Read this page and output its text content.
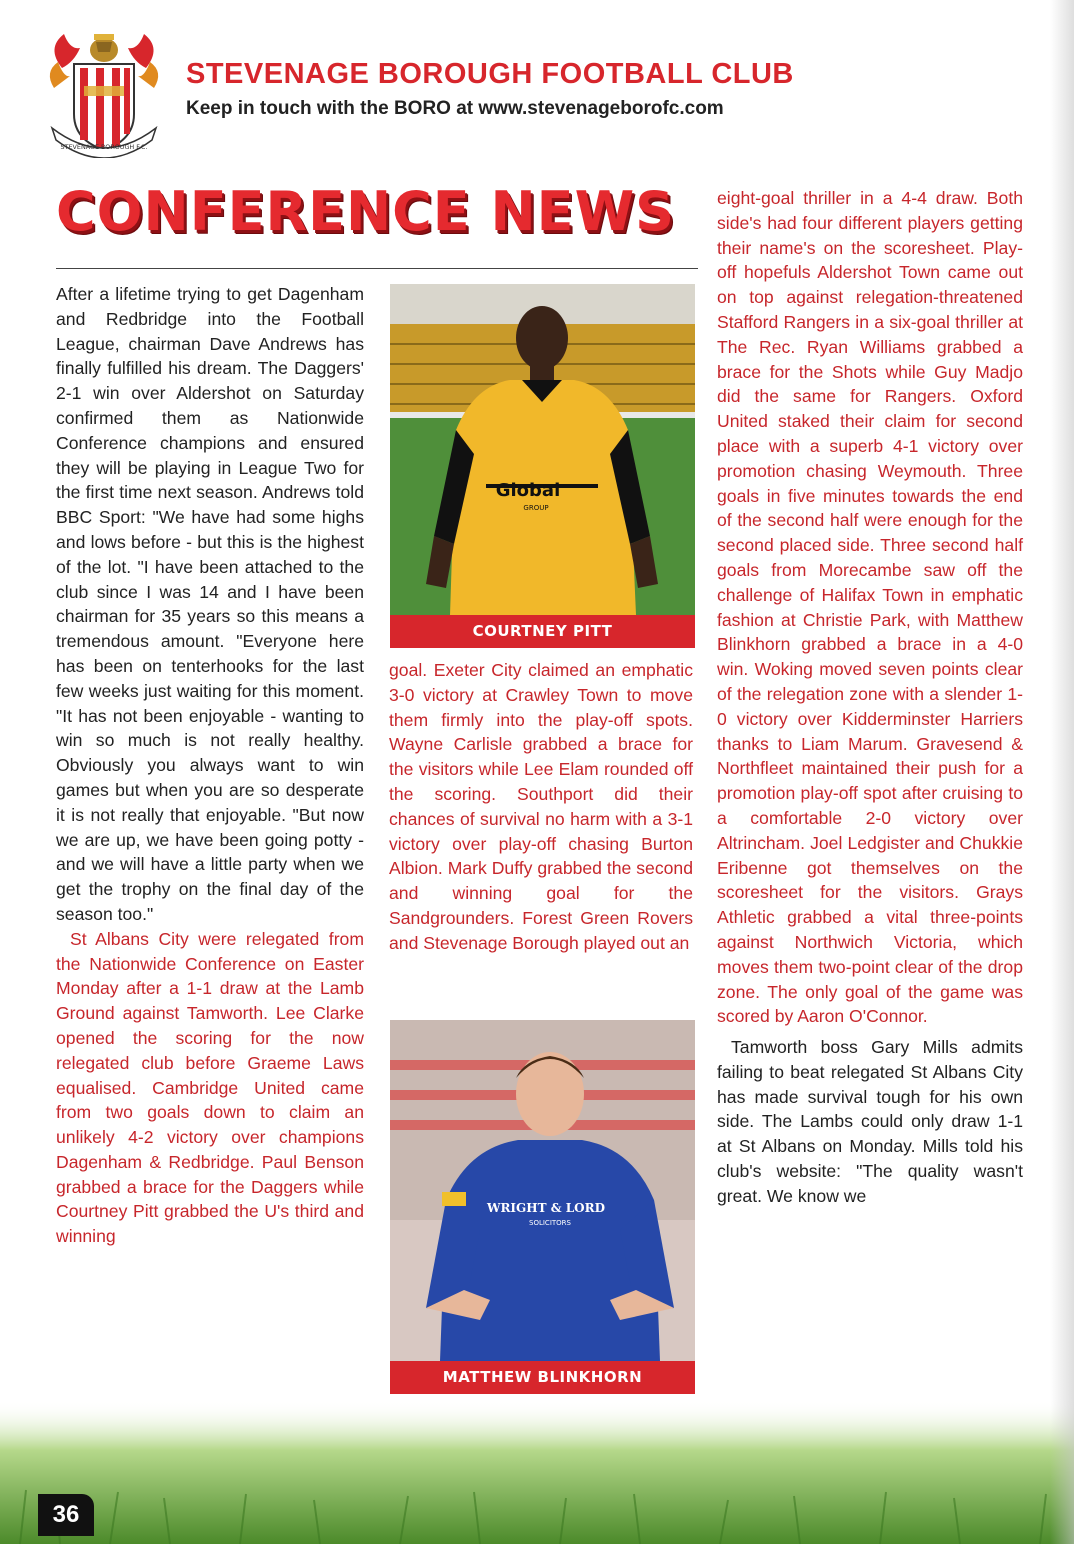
STEVENAGE BOROUGH F.C.
STEVENAGE BOROUGH FOOTBALL CLUB

Keep in touch with the BORO at www.stevenageborofc.com

CONFERENCE NEWS

After a lifetime trying to get Dagenham and Redbridge into the Football League, chairman Dave Andrews has finally fulfilled his dream. The Daggers' 2-1 win over Aldershot on Saturday confirmed them as Nationwide Conference champions and ensured they will be playing in League Two for the first time next season. Andrews told BBC Sport: "We have had some highs and lows before - but this is the highest of the lot. "I have been attached to the club since I was 14 and I have been chairman for 35 years so this means a tremendous amount. "Everyone here has been on tenterhooks for the last few weeks just waiting for this moment. "It has not been enjoyable - wanting to win so much is not really healthy. Obviously you always want to win games but when you are so desperate it is not really that enjoyable. "But now we are up, we have been going potty - and we will have a little party when we get the trophy on the final day of the season too."

St Albans City were relegated from the Nationwide Conference on Easter Monday after a 1-1 draw at the Lamb Ground against Tamworth. Lee Clarke opened the scoring for the now relegated club before Graeme Laws equalised. Cambridge United came from two goals down to claim an unlikely 4-2 victory over champions Dagenham & Redbridge. Paul Benson grabbed a brace for the Daggers while Courtney Pitt grabbed the U's third and winning

Global
GROUP
COURTNEY PITT

goal. Exeter City claimed an emphatic 3-0 victory at Crawley Town to move them firmly into the play-off spots. Wayne Carlisle grabbed a brace for the visitors while Lee Elam rounded off the scoring. Southport did their chances of survival no harm with a 3-1 victory over play-off chasing Burton Albion. Mark Duffy grabbed the second and winning goal for the Sandgrounders. Forest Green Rovers and Stevenage Borough played out an

WRIGHT & LORD
SOLICITORS
MATTHEW BLINKHORN

eight-goal thriller in a 4-4 draw. Both side's had four different players getting their name's on the scoresheet. Play-off hopefuls Aldershot Town came out on top against relegation-threatened Stafford Rangers in a six-goal thriller at The Rec. Ryan Williams grabbed a brace for the Shots while Guy Madjo did the same for Rangers. Oxford United staked their claim for second place with a superb 4-1 victory over promotion chasing Weymouth. Three goals in five minutes towards the end of the second half were enough for the second placed side. Three second half goals from Morecambe saw off the challenge of Halifax Town in emphatic fashion at Christie Park, with Matthew Blinkhorn grabbed a brace in a 4-0 win. Woking moved seven points clear of the relegation zone with a slender 1-0 victory over Kidderminster Harriers thanks to Liam Marum. Gravesend & Northfleet maintained their push for a promotion play-off spot after cruising to a comfortable 2-0 victory over Altrincham. Joel Ledgister and Chukkie Eribenne got themselves on the scoresheet for the visitors. Grays Athletic grabbed a vital three-points against Northwich Victoria, which moves them two-point clear of the drop zone. The only goal of the game was scored by Aaron O'Connor.

Tamworth boss Gary Mills admits failing to beat relegated St Albans City has made survival tough for his own side. The Lambs could only draw 1-1 at St Albans on Monday. Mills told his club's website: "The quality wasn't great. We know we

36
